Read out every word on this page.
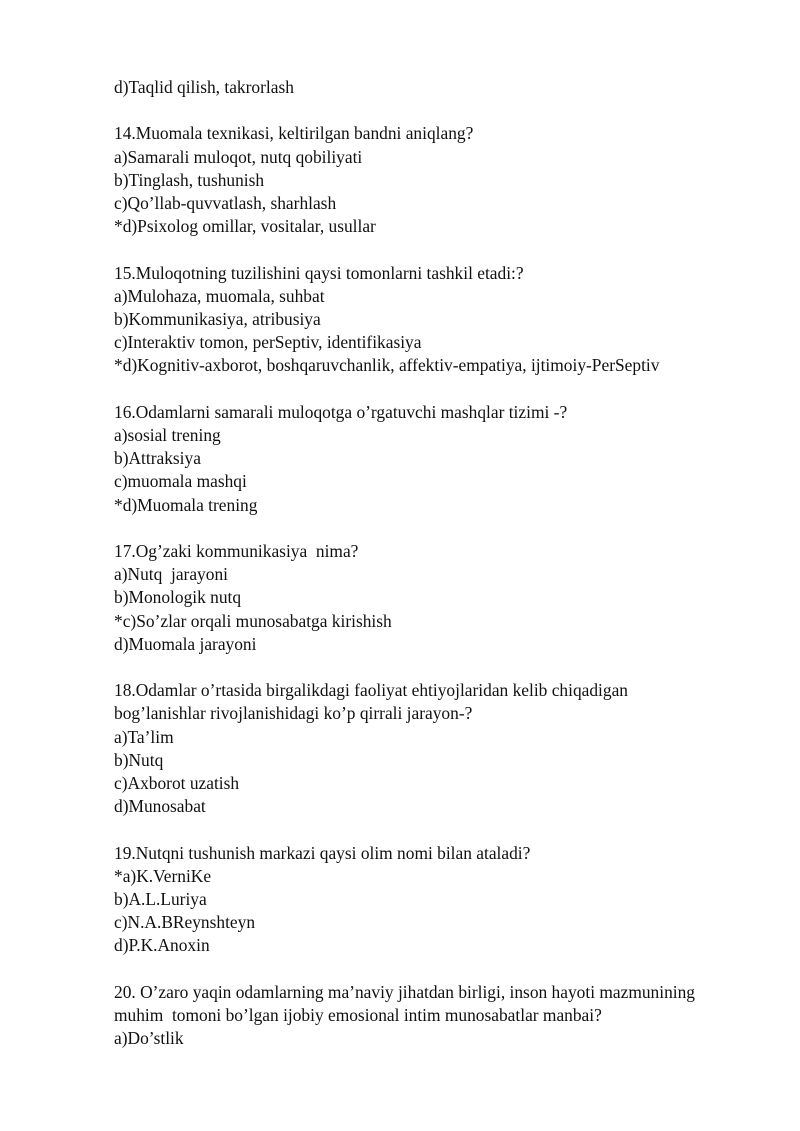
d)Taqlid qilish, takrorlash

14.Muomala texnikasi, keltirilgan bandni aniqlang?

a)Samarali muloqot, nutq qobiliyati

b)Tinglash, tushunish

c)Qo’llab-quvvatlash, sharhlash

*d)Psixolog omillar, vositalar, usullar

15.Muloqotning tuzilishini qaysi tomonlarni tashkil etadi:?

a)Mulohaza, muomala, suhbat

b)Kommunikasiya, atribusiya

c)Interaktiv tomon, perSeptiv, identifikasiya

*d)Kognitiv-axborot, boshqaruvchanlik, affektiv-empatiya, ijtimoiy-PerSeptiv

16.Odamlarni samarali muloqotga o’rgatuvchi mashqlar tizimi -?

a)sosial trening

b)Attraksiya

c)muomala mashqi

*d)Muomala trening

17.Og’zaki kommunikasiya  nima?

a)Nutq  jarayoni

b)Monologik nutq

*c)So’zlar orqali munosabatga kirishish

d)Muomala jarayoni

18.Odamlar o’rtasida birgalikdagi faoliyat ehtiyojlaridan kelib chiqadigan

bog’lanishlar rivojlanishidagi ko’p qirrali jarayon-?

a)Ta’lim

b)Nutq

c)Axborot uzatish

d)Munosabat

19.Nutqni tushunish markazi qaysi olim nomi bilan ataladi?

*a)K.VerniKe

b)A.L.Luriya

c)N.A.BReynshteyn

d)P.K.Anoxin

20. O’zaro yaqin odamlarning ma’naviy jihatdan birligi, inson hayoti mazmunining

muhim  tomoni bo’lgan ijobiy emosional intim munosabatlar manbai?

a)Do’stlik
